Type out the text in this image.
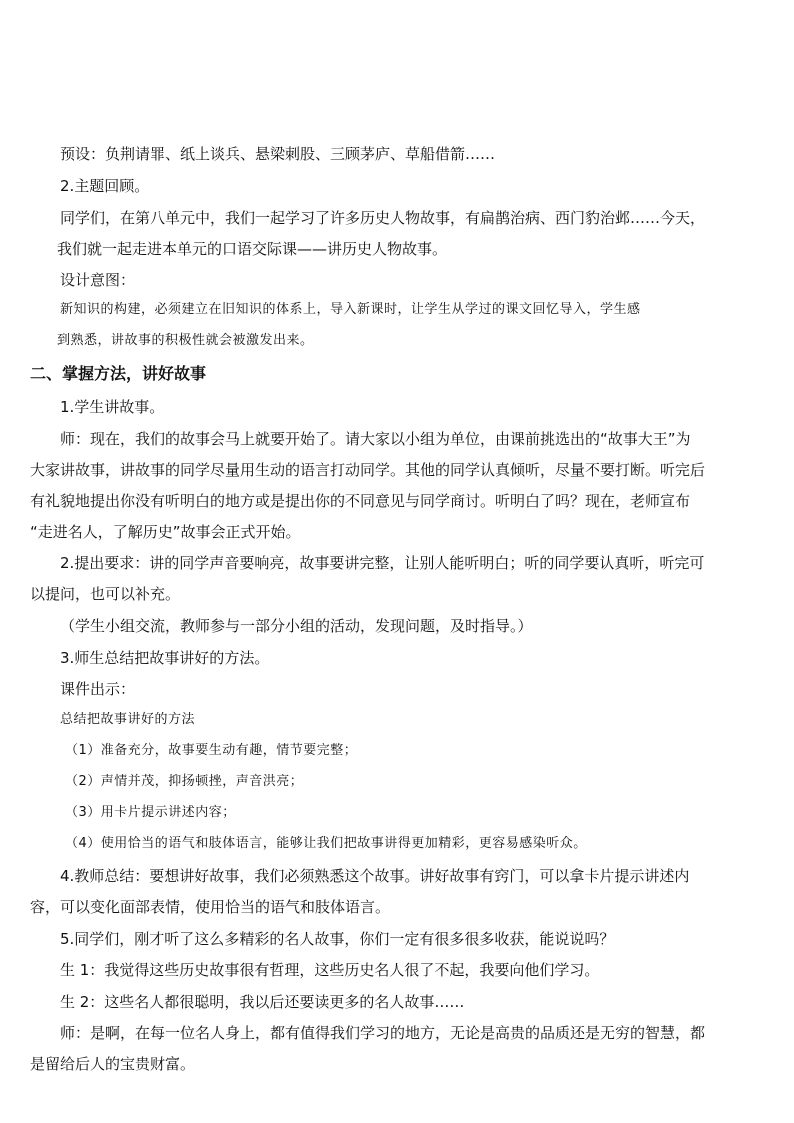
预设：负荆请罪、纸上谈兵、悬梁刺股、三顾茅庐、草船借箭……
2.主题回顾。
同学们，在第八单元中，我们一起学习了许多历史人物故事，有扁鹊治病、西门豹治邺……今天，
我们就一起走进本单元的口语交际课——讲历史人物故事。
设计意图：
新知识的构建，必须建立在旧知识的体系上，导入新课时，让学生从学过的课文回忆导入，学生感
到熟悉，讲故事的积极性就会被激发出来。
二、掌握方法，讲好故事
1.学生讲故事。
师：现在，我们的故事会马上就要开始了。请大家以小组为单位，由课前挑选出的“故事大王”为
大家讲故事，讲故事的同学尽量用生动的语言打动同学。其他的同学认真倾听，尽量不要打断。听完后
有礼貌地提出你没有听明白的地方或是提出你的不同意见与同学商讨。听明白了吗？现在，老师宣布
“走进名人，了解历史”故事会正式开始。
2.提出要求：讲的同学声音要响亮，故事要讲完整，让别人能听明白；听的同学要认真听，听完可
以提问，也可以补充。
（学生小组交流，教师参与一部分小组的活动，发现问题，及时指导。）
3.师生总结把故事讲好的方法。
课件出示：
总结把故事讲好的方法
（1）准备充分，故事要生动有趣，情节要完整；
（2）声情并茂，抑扬顿挫，声音洪亮；
（3）用卡片提示讲述内容；
（4）使用恰当的语气和肢体语言，能够让我们把故事讲得更加精彩，更容易感染听众。
4.教师总结：要想讲好故事，我们必须熟悉这个故事。讲好故事有窍门，可以拿卡片提示讲述内
容，可以变化面部表情，使用恰当的语气和肢体语言。
5.同学们，刚才听了这么多精彩的名人故事，你们一定有很多很多收获，能说说吗？
生 1：我觉得这些历史故事很有哲理，这些历史名人很了不起，我要向他们学习。
生 2：这些名人都很聪明，我以后还要读更多的名人故事……
师：是啊，在每一位名人身上，都有值得我们学习的地方，无论是高贵的品质还是无穷的智慧，都
是留给后人的宝贵财富。
